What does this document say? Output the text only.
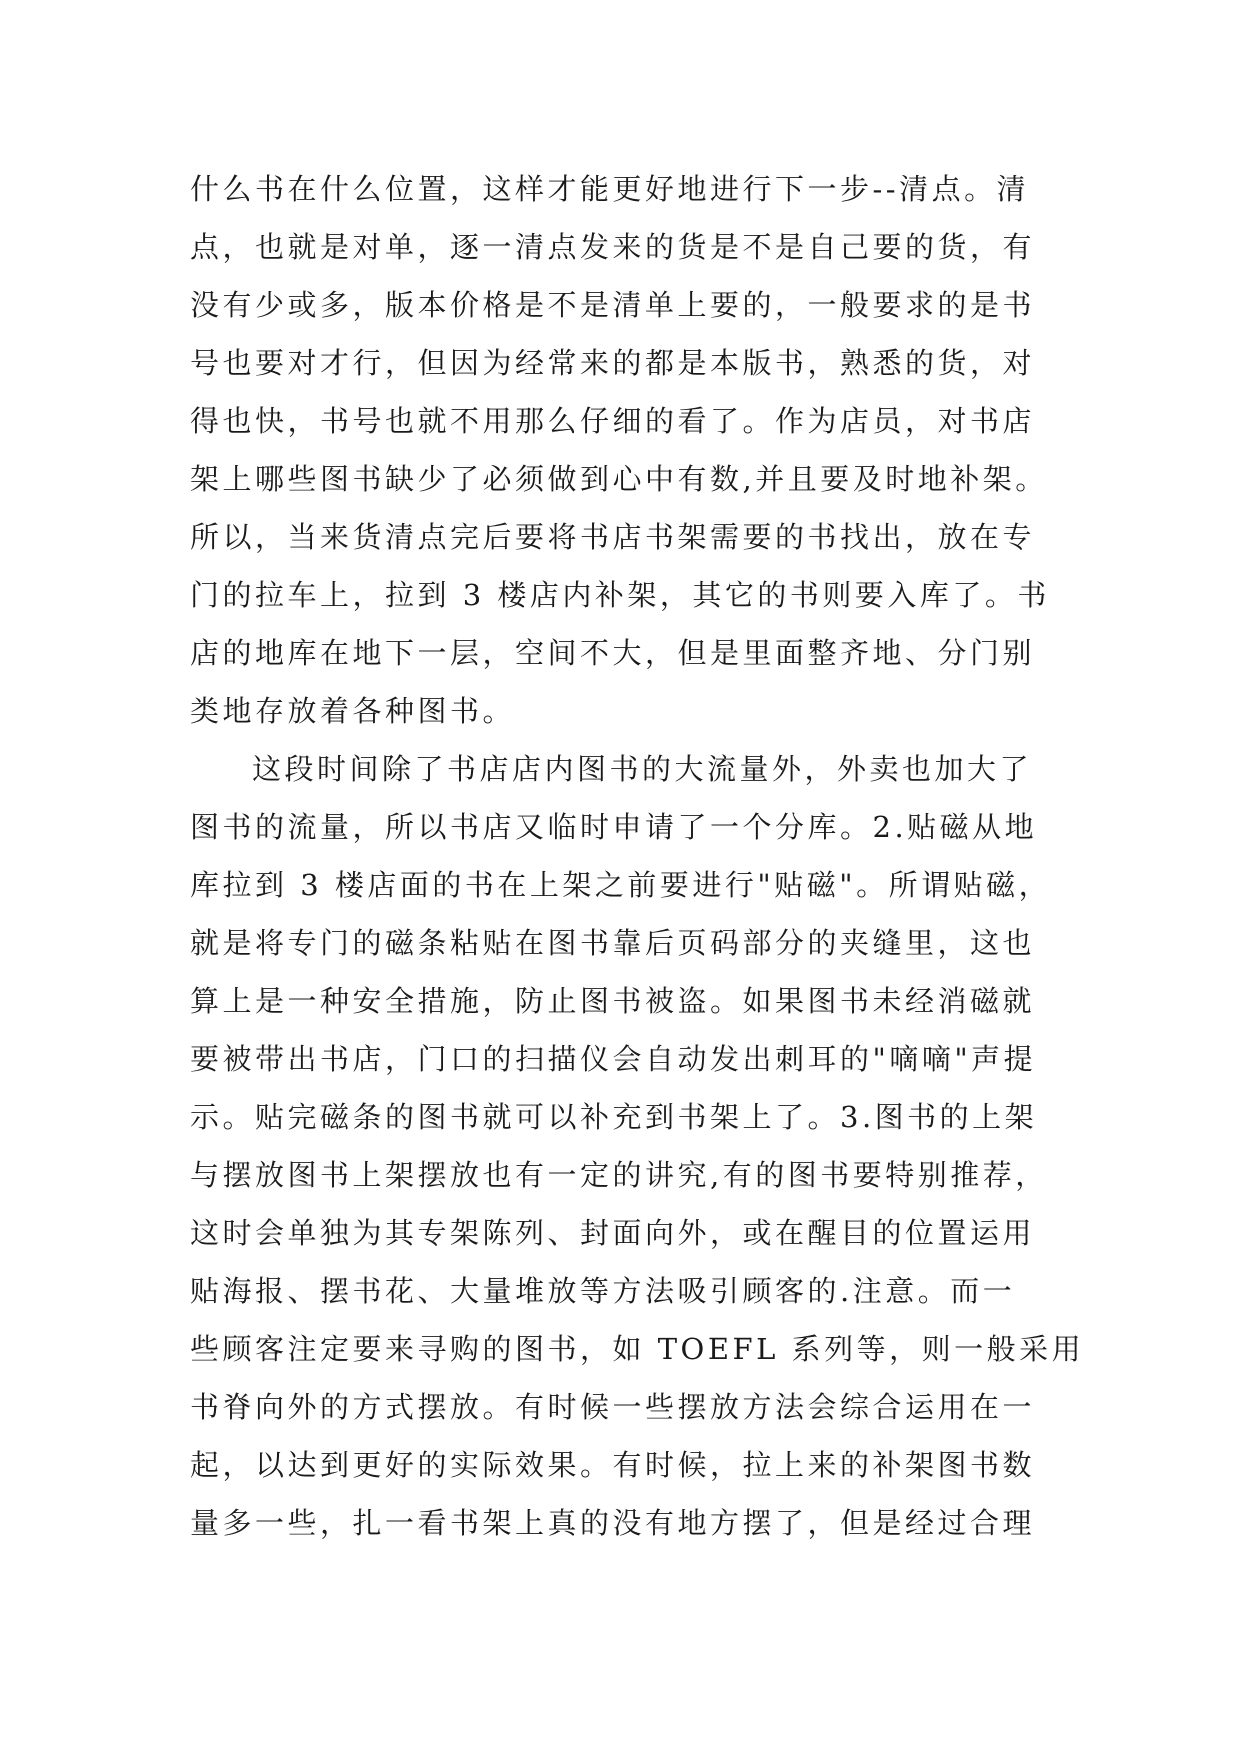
什么书在什么位置，这样才能更好地进行下一步--清点。清
点，也就是对单，逐一清点发来的货是不是自己要的货，有
没有少或多，版本价格是不是清单上要的，一般要求的是书
号也要对才行，但因为经常来的都是本版书，熟悉的货，对
得也快，书号也就不用那么仔细的看了。作为店员，对书店
架上哪些图书缺少了必须做到心中有数,并且要及时地补架。
所以，当来货清点完后要将书店书架需要的书找出，放在专
门的拉车上，拉到 3 楼店内补架，其它的书则要入库了。书
店的地库在地下一层，空间不大，但是里面整齐地、分门别
类地存放着各种图书。
这段时间除了书店店内图书的大流量外，外卖也加大了
图书的流量，所以书店又临时申请了一个分库。2.贴磁从地
库拉到 3 楼店面的书在上架之前要进行"贴磁"。所谓贴磁，
就是将专门的磁条粘贴在图书靠后页码部分的夹缝里，这也
算上是一种安全措施，防止图书被盗。如果图书未经消磁就
要被带出书店，门口的扫描仪会自动发出刺耳的"嘀嘀"声提
示。贴完磁条的图书就可以补充到书架上了。3.图书的上架
与摆放图书上架摆放也有一定的讲究,有的图书要特别推荐，
这时会单独为其专架陈列、封面向外，或在醒目的位置运用
贴海报、摆书花、大量堆放等方法吸引顾客的.注意。而一
些顾客注定要来寻购的图书，如 TOEFL 系列等，则一般采用
书脊向外的方式摆放。有时候一些摆放方法会综合运用在一
起，以达到更好的实际效果。有时候，拉上来的补架图书数
量多一些，扎一看书架上真的没有地方摆了，但是经过合理
